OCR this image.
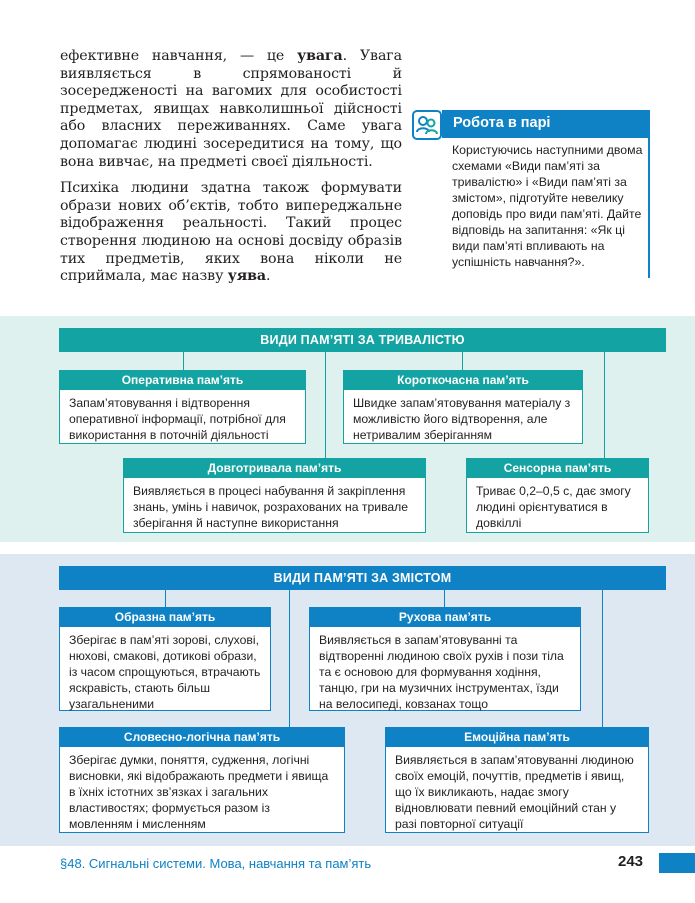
ефективне навчання, — це увага. Увага виявляється в спрямованості й зосередженості на вагомих для особистості предметах, явищах навколишньої дійсності або власних переживаннях. Саме увага допомагає людині зосередитися на тому, що вона вивчає, на предметі своєї діяльності.

Психіка людини здатна також формувати образи нових об’єктів, тобто випереджальне відображення реальності. Такий процес створення людиною на основі досвіду образів тих предметів, яких вона ніколи не сприймала, має назву уява.

Робота в парі
Користуючись наступними двома схемами «Види пам’яті за тривалістю» і «Види пам’яті за змістом», підготуйте невелику доповідь про види пам’яті. Дайте відповідь на запитання: «Як ці види пам’яті впливають на успішність навчання?».
ВИДИ ПАМ’ЯТІ ЗА ТРИВАЛІСТЮ
Оперативна пам’ять
Запам’ятовування і відтворення оперативної інформації, потрібної для використання в поточній діяльності
Короткочасна пам’ять
Швидке запам’ятовування матеріалу з можливістю його відтворення, але нетривалим зберіганням
Довготривала пам’ять
Виявляється в процесі набування й закріплення знань, умінь і навичок, розрахованих на тривале зберігання й наступне використання
Сенсорна пам’ять
Триває 0,2–0,5 с, дає змогу людині орієнтуватися в довкіллі
ВИДИ ПАМ’ЯТІ ЗА ЗМІСТОМ
Образна пам’ять
Зберігає в пам’яті зорові, слухові, нюхові, смакові, дотикові образи, із часом спрощуються, втрачають яскравість, стають більш узагальненими
Рухова пам’ять
Виявляється в запам’ятовуванні та відтворенні людиною своїх рухів і пози тіла та є основою для формування ходіння, танцю, гри на музичних інструментах, їзди на велосипеді, ковзанах тощо
Словесно-логічна пам’ять
Зберігає думки, поняття, судження, логічні висновки, які відображають предмети і явища в їхніх істотних зв’язках і загальних властивостях; формується разом із мовленням і мисленням
Емоційна пам’ять
Виявляється в запам’ятовуванні людиною своїх емоцій, почуттів, предметів і явищ, що їх викликають, надає змогу відновлювати певний емоційний стан у разі повторної ситуації
§48. Сигнальні системи. Мова, навчання та пам’ять	243
